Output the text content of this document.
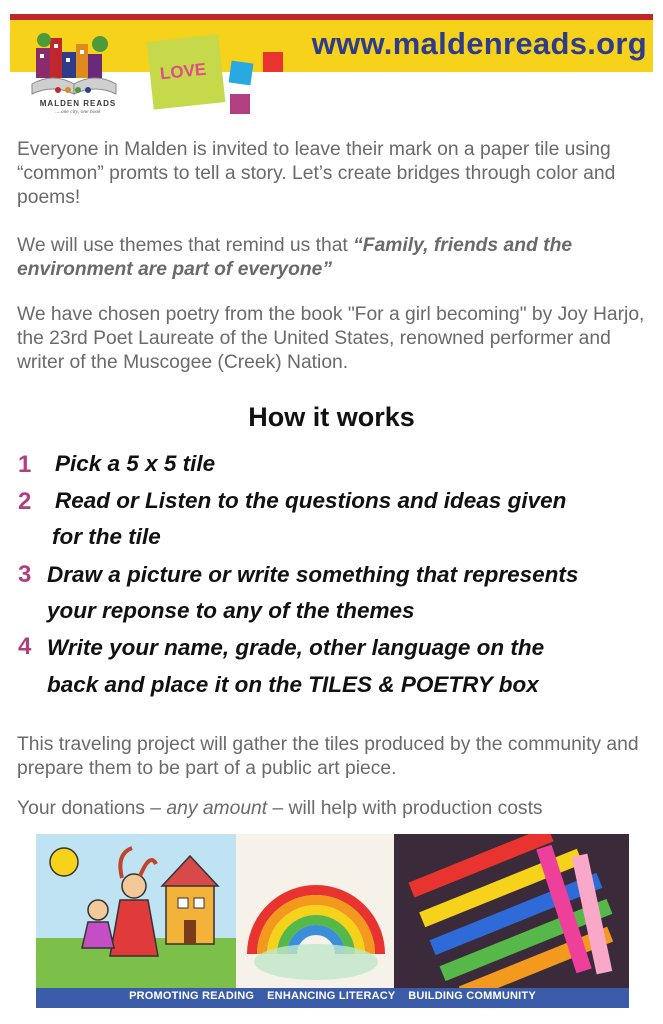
www.maldenreads.org
MALDEN READS
....one city, one book
LOVE

Everyone in Malden is invited to leave their mark on a paper tile using “common” promts to tell a story. Let’s create bridges through color and poems!

We will use themes that remind us that “Family, friends and the environment are part of everyone”

We have chosen poetry from the book "For a girl becoming" by Joy Harjo, the 23rd Poet Laureate of the United States, renowned performer and writer of the Muscogee (Creek) Nation.

How it works
1 Pick a 5 x 5 tile
2 Read or Listen to the questions and ideas given
for the tile
3 Draw a picture or write something that represents
your reponse to any of the themes
4 Write your name, grade, other language on the
back and place it on the TILES & POETRY box

This traveling project will gather the tiles produced by the community and prepare them to be part of a public art piece.

Your donations – any amount – will help with production costs

PROMOTING READING    ENHANCING LITERACY    BUILDING COMMUNITY
